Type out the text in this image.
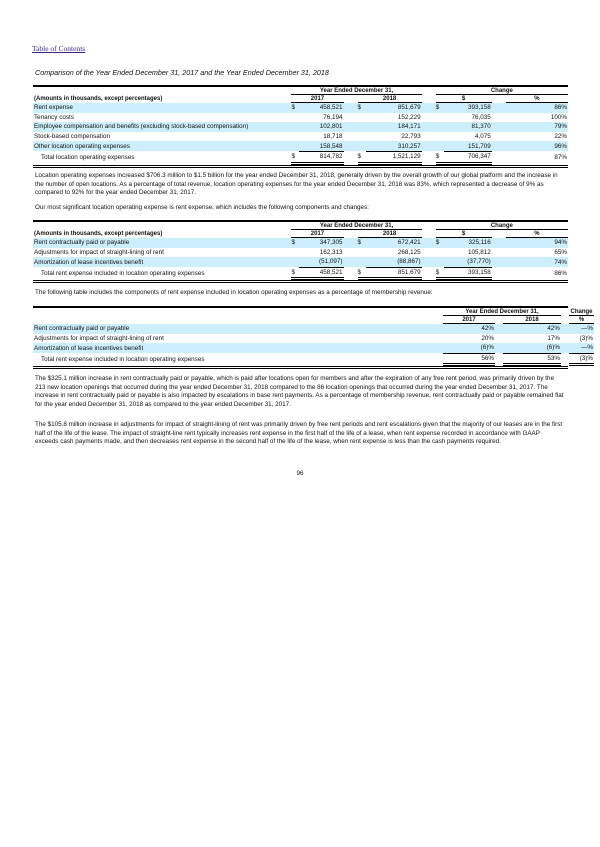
Table of Contents
Comparison of the Year Ended December 31, 2017 and the Year Ended December 31, 2018
	Year Ended December 31,						Change			
(Amounts in thousands, except percentages)	2017			2018			$			%
Rent expense	$	458,521		$	851,679		$	393,158		86%
Tenancy costs		76,194			152,229			76,035		100%
Employee compensation and benefits (excluding stock-based compensation)		102,801			184,171			81,370		79%
Stock-based compensation		18,718			22,793			4,075		22%
Other location operating expenses		158,548			310,257			151,709		96%
Total location operating expenses	$	814,782		$	1,521,129		$	706,347		87%
Location operating expenses increased $706.3 million to $1.5 billion for the year ended December 31, 2018, generally driven by the overall growth of our global platform and the increase in the number of open locations. As a percentage of total revenue, location operating expenses for the year ended December 31, 2018 was 83%, which represented a decrease of 9% as compared to 92% for the year ended December 31, 2017.
Our most significant location operating expense is rent expense, which includes the following components and changes:
	Year Ended December 31,						Change			
(Amounts in thousands, except percentages)	2017			2018			$			%
Rent contractually paid or payable	$	347,305		$	672,421		$	325,116		94%
Adjustments for impact of straight-lining of rent		162,313			268,125			105,812		65%
Amortization of lease incentives benefit		(51,097)			(88,867)			(37,770)		74%
Total rent expense included in location operating expenses	$	458,521		$	851,679		$	393,158		86%
The following table includes the components of rent expense included in location operating expenses as a percentage of membership revenue:
		Year Ended December 31,				Change
		2017		2018		%
Rent contractually paid or payable		42%		42%		—%
Adjustments for impact of straight-lining of rent		20%		17%		(3)%
Amortization of lease incentives benefit		(6)%		(6)%		—%
Total rent expense included in location operating expenses		56%		53%		(3)%
The $325.1 million increase in rent contractually paid or payable, which is paid after locations open for members and after the expiration of any free rent period, was primarily driven by the 213 new location openings that occurred during the year ended December 31, 2018 compared to the 86 location openings that occurred during the year ended December 31, 2017. The increase in rent contractually paid or payable is also impacted by escalations in base rent payments. As a percentage of membership revenue, rent contractually paid or payable remained flat for the year ended December 31, 2018 as compared to the year ended December 31, 2017.
The $105.8 million increase in adjustments for impact of straight-lining of rent was primarily driven by free rent periods and rent escalations given that the majority of our leases are in the first half of the life of the lease. The impact of straight-line rent typically increases rent expense in the first half of the life of a lease, when rent expense recorded in accordance with GAAP exceeds cash payments made, and then decreases rent expense in the second half of the life of the lease, when rent expense is less than the cash payments required.
96
